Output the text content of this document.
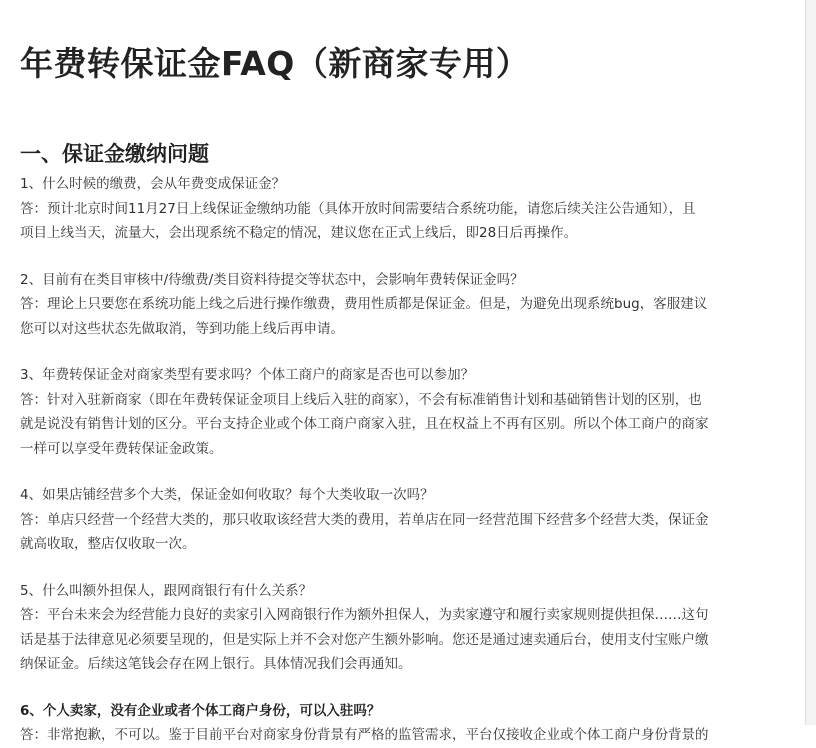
年费转保证金FAQ（新商家专用）
一、保证金缴纳问题

1、什么时候的缴费，会从年费变成保证金？

答：预计北京时间11月27日上线保证金缴纳功能（具体开放时间需要结合系统功能，请您后续关注公告通知），且
项目上线当天，流量大，会出现系统不稳定的情况，建议您在正式上线后，即28日后再操作。

2、目前有在类目审核中/待缴费/类目资料待提交等状态中，会影响年费转保证金吗？

答：理论上只要您在系统功能上线之后进行操作缴费，费用性质都是保证金。但是，为避免出现系统bug，客服建议
您可以对这些状态先做取消，等到功能上线后再申请。

3、年费转保证金对商家类型有要求吗？个体工商户的商家是否也可以参加？

答：针对入驻新商家（即在年费转保证金项目上线后入驻的商家），不会有标准销售计划和基础销售计划的区别，也
就是说没有销售计划的区分。平台支持企业或个体工商户商家入驻，且在权益上不再有区别。所以个体工商户的商家
一样可以享受年费转保证金政策。

4、如果店铺经营多个大类，保证金如何收取？每个大类收取一次吗？

答：单店只经营一个经营大类的，那只收取该经营大类的费用，若单店在同一经营范围下经营多个经营大类，保证金
就高收取，整店仅收取一次。

5、什么叫额外担保人，跟网商银行有什么关系？

答：平台未来会为经营能力良好的卖家引入网商银行作为额外担保人，为卖家遵守和履行卖家规则提供担保……这句
话是基于法律意见必须要呈现的，但是实际上并不会对您产生额外影响。您还是通过速卖通后台，使用支付宝账户缴
纳保证金。后续这笔钱会存在网上银行。具体情况我们会再通知。

6、个人卖家，没有企业或者个体工商户身份，可以入驻吗？

答：非常抱歉，不可以。鉴于目前平台对商家身份背景有严格的监管需求，平台仅接收企业或个体工商户身份背景的
